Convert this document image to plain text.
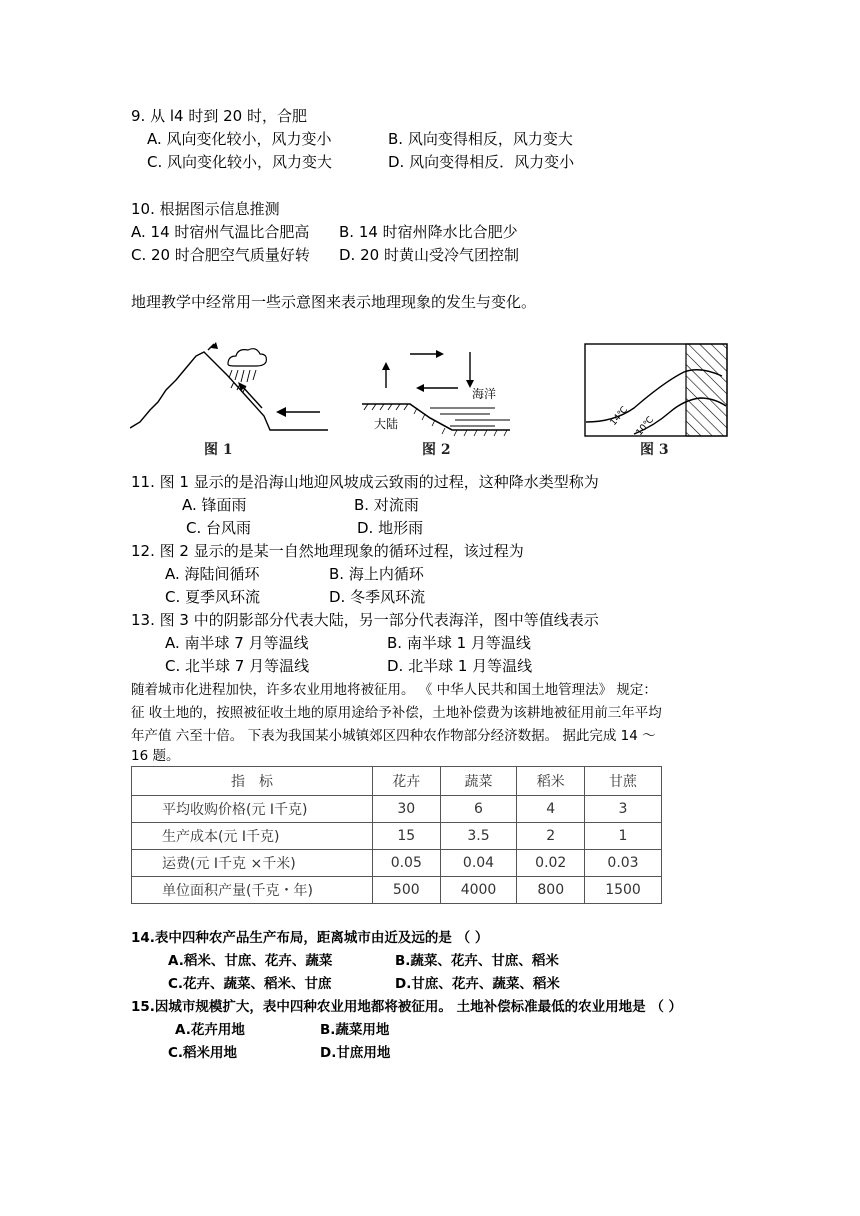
9. 从 l4 时到 20 时，合肥
A. 风向变化较小，风力变小	B. 风向变得相反，风力变大
C. 风向变化较小，风力变大	D. 风向变得相反．风力变小
10. 根据图示信息推测
A. 14 时宿州气温比合肥高 B. 14 时宿州降水比合肥少
C. 20 时合肥空气质量好转 D. 20 时黄山受冷气团控制
地理教学中经常用一些示意图来表示地理现象的发生与变化。
图 1
海洋
大陆
图 2
14℃ 10℃
图 3
11. 图 1 显示的是沿海山地迎风坡成云致雨的过程，这种降水类型称为
A. 锋面雨	B. 对流雨
C. 台风雨	D. 地形雨
12. 图 2 显示的是某一自然地理现象的循环过程，该过程为
A. 海陆间循环	B. 海上内循环
C. 夏季风环流	D. 冬季风环流
13. 图 3 中的阴影部分代表大陆，另一部分代表海洋，图中等值线表示
A. 南半球 7 月等温线	B. 南半球 1 月等温线
C. 北半球 7 月等温线	D. 北半球 1 月等温线
随着城市化进程加快，许多农业用地将被征用。 《 中华人民共和国土地管理法》 规定：
征 收土地的，按照被征收土地的原用途给予补偿，土地补偿费为该耕地被征用前三年平均
年产值 六至十倍。 下表为我国某小城镇郊区四种农作物部分经济数据。 据此完成 14 ～
16 题。
指　标	花卉	蔬菜	稻米	甘蔗
平均收购价格(元 I千克)	30	6	4	3
生产成本(元 I千克)	15	3.5	2	1
运费(元 I千克 ×千米)	0.05	0.04	0.02	0.03
单位面积产量(千克・年)	500	4000	800	1500
14.表中四种农产品生产布局，距离城市由近及远的是 （ ）
A.稻米、甘庶、花卉、蔬菜	B.蔬菜、花卉、甘庶、稻米
C.花卉、蔬菜、稻米、甘庶	D.甘庶、花卉、蔬菜、稻米
15.因城市规模扩大，表中四种农业用地都将被征用。 土地补偿标准最低的农业用地是 （ ）
A.花卉用地	B.蔬菜用地
C.稻米用地	D.甘庶用地
